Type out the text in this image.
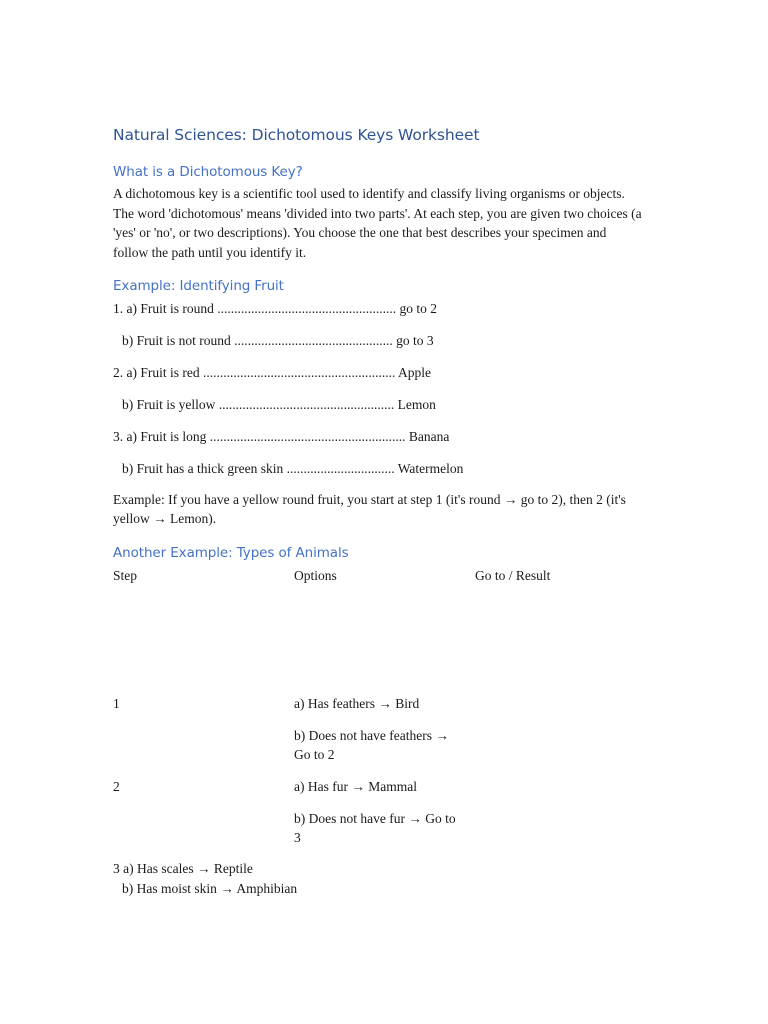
Natural Sciences: Dichotomous Keys Worksheet
What is a Dichotomous Key?
A dichotomous key is a scientific tool used to identify and classify living organisms or objects. The word 'dichotomous' means 'divided into two parts'. At each step, you are given two choices (a 'yes' or 'no', or two descriptions). You choose the one that best describes your specimen and follow the path until you identify it.
Example: Identifying Fruit
1. a) Fruit is round ..................................................... go to 2
b) Fruit is not round ............................................... go to 3
2. a) Fruit is red ......................................................... Apple
b) Fruit is yellow .................................................... Lemon
3. a) Fruit is long .......................................................... Banana
b) Fruit has a thick green skin ................................ Watermelon
Example: If you have a yellow round fruit, you start at step 1 (it's round → go to 2), then 2 (it's yellow → Lemon).
Another Example: Types of Animals
Step	Options	Go to / Result
1	a) Has feathers → Bird
b) Does not have feathers → Go to 2
2	a) Has fur → Mammal
b) Does not have fur → Go to 3
3 a) Has scales → Reptile
b) Has moist skin → Amphibian
